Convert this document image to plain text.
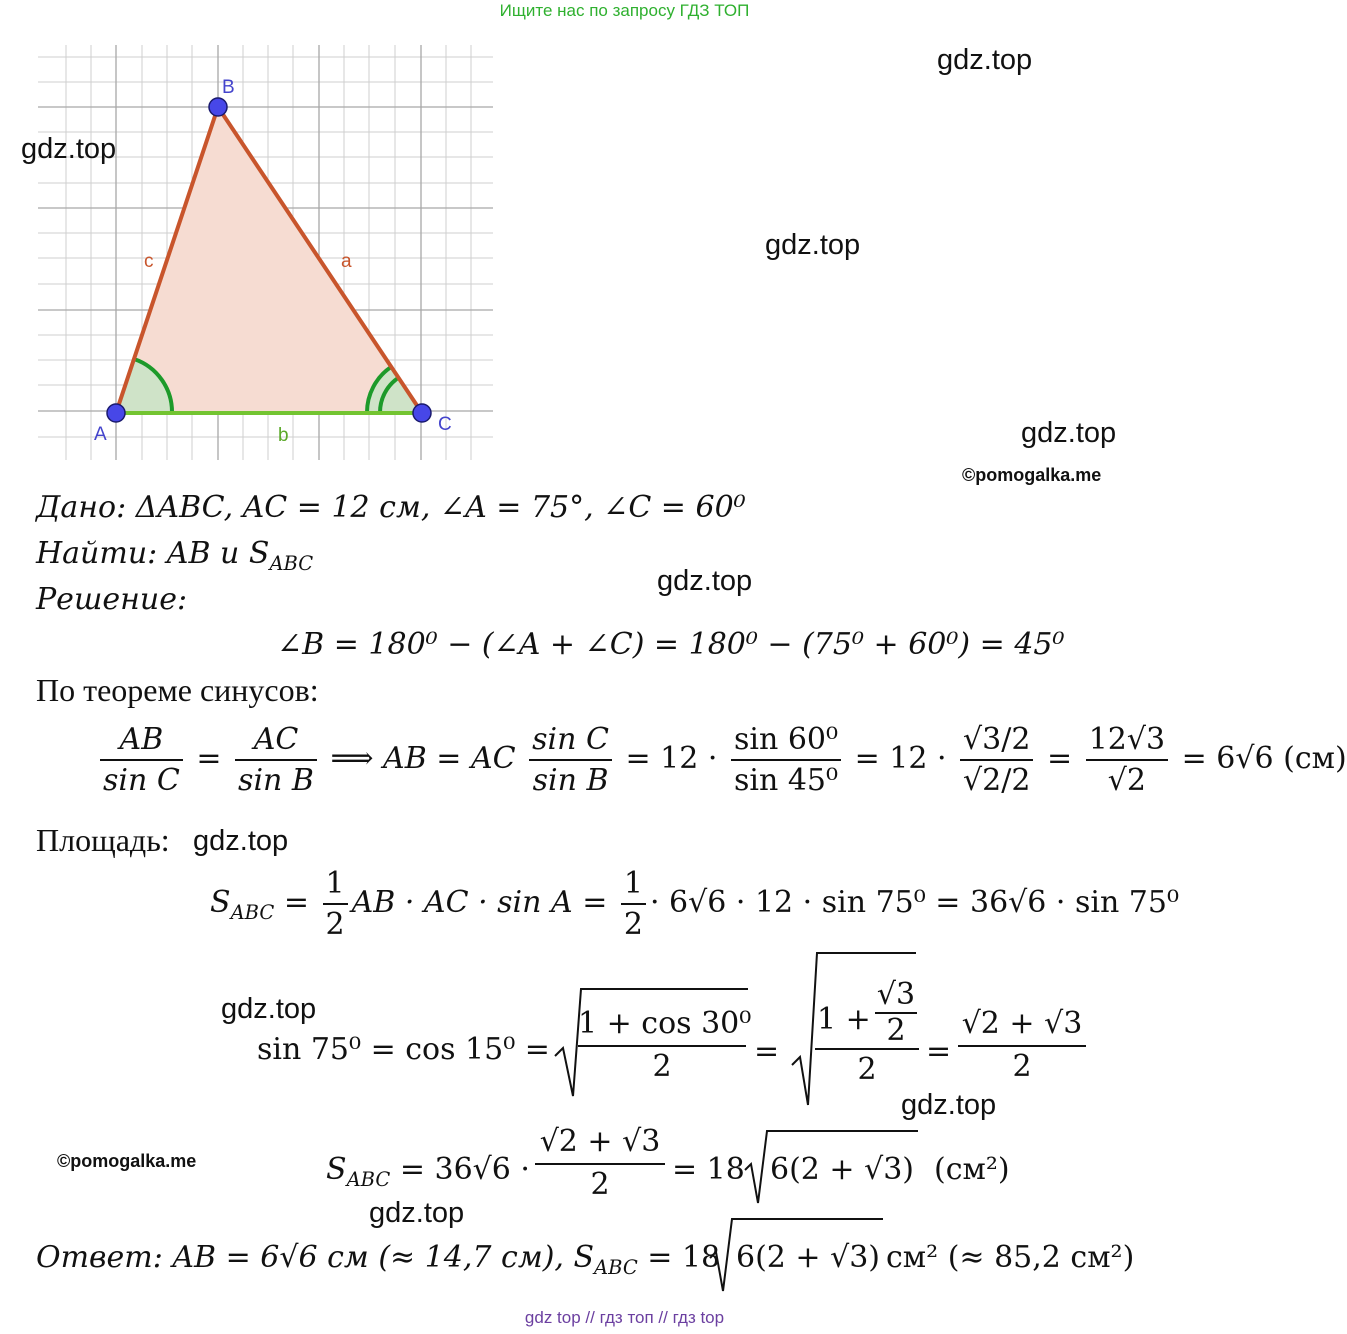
Ищите нас по запросу ГДЗ ТОП
B
A	C
c	a
b
gdz.top
gdz.top
gdz.top
gdz.top
gdz.top
gdz.top
gdz.top
gdz.top
gdz.top
©pomogalka.me
©pomogalka.me
Дано: ΔABC, AC = 12 см, ∠A = 75°, ∠C = 60⁰
Найти: AB и $S_{ABC}$
Решение:
∠B = 180⁰ − (∠A + ∠C) = 180⁰ − (75⁰ + 60⁰) = 45⁰
По теореме синусов:
$\frac{AB}{\text{sin C}} = \frac{AC}{\text{sin B}}$ ⟹ AB = AC $\frac{\text{sin C}}{\text{sin B}} = 12 \cdot \frac{\text{sin 60⁰}}{\text{sin 45⁰}} = 12 \cdot \frac{√3/2}{√2/2} = \frac{12√3}{√2} = 6√6$ (см)
Площадь:
$S_{ABC} = \frac{1}{2}$ AB · AC · $\sin A = \frac{1}{2} \cdot 6√6 \cdot 12 \cdot \sin 75^0 = 36√6 \cdot \sin 75^0$
sin 75⁰ = cos 15⁰ =
1 + cos 30⁰
2	=
1 +
√3
2
2
=
√2 + √3
2
$S_{ABC} = 36√6$ ·
√2 + √3
2	= 18 6(2 + √3) (см²)
Ответ: AB = 6√6 см (≈ 14,7 см), $S_{ABC} = 18$ 6(2 + √3) см² (≈ 85,2 см²)
gdz top // гдз топ // гдз top
